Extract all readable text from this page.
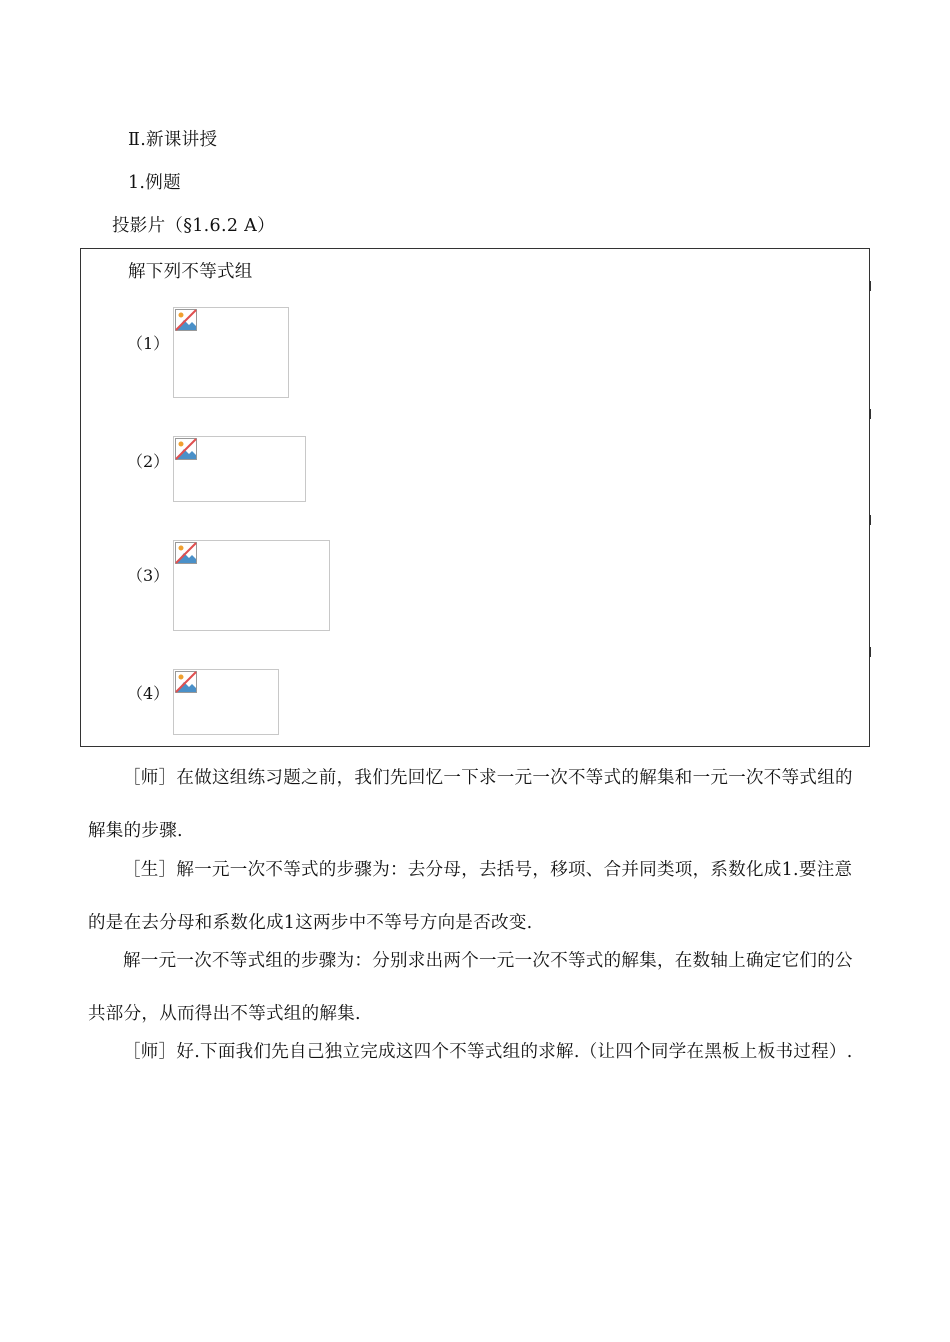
Ⅱ.新课讲授
1.例题
投影片（§1.6.2 A）
解下列不等式组
（1）
（2）
（3）
（4）

［师］在做这组练习题之前，我们先回忆一下求一元一次不等式的解集和一元一次不等式组的解集的步骤.

［生］解一元一次不等式的步骤为：去分母，去括号，移项、合并同类项，系数化成1.要注意的是在去分母和系数化成1这两步中不等号方向是否改变.

解一元一次不等式组的步骤为：分别求出两个一元一次不等式的解集，在数轴上确定它们的公共部分，从而得出不等式组的解集.

［师］好.下面我们先自己独立完成这四个不等式组的求解.（让四个同学在黑板上板书过程）.
